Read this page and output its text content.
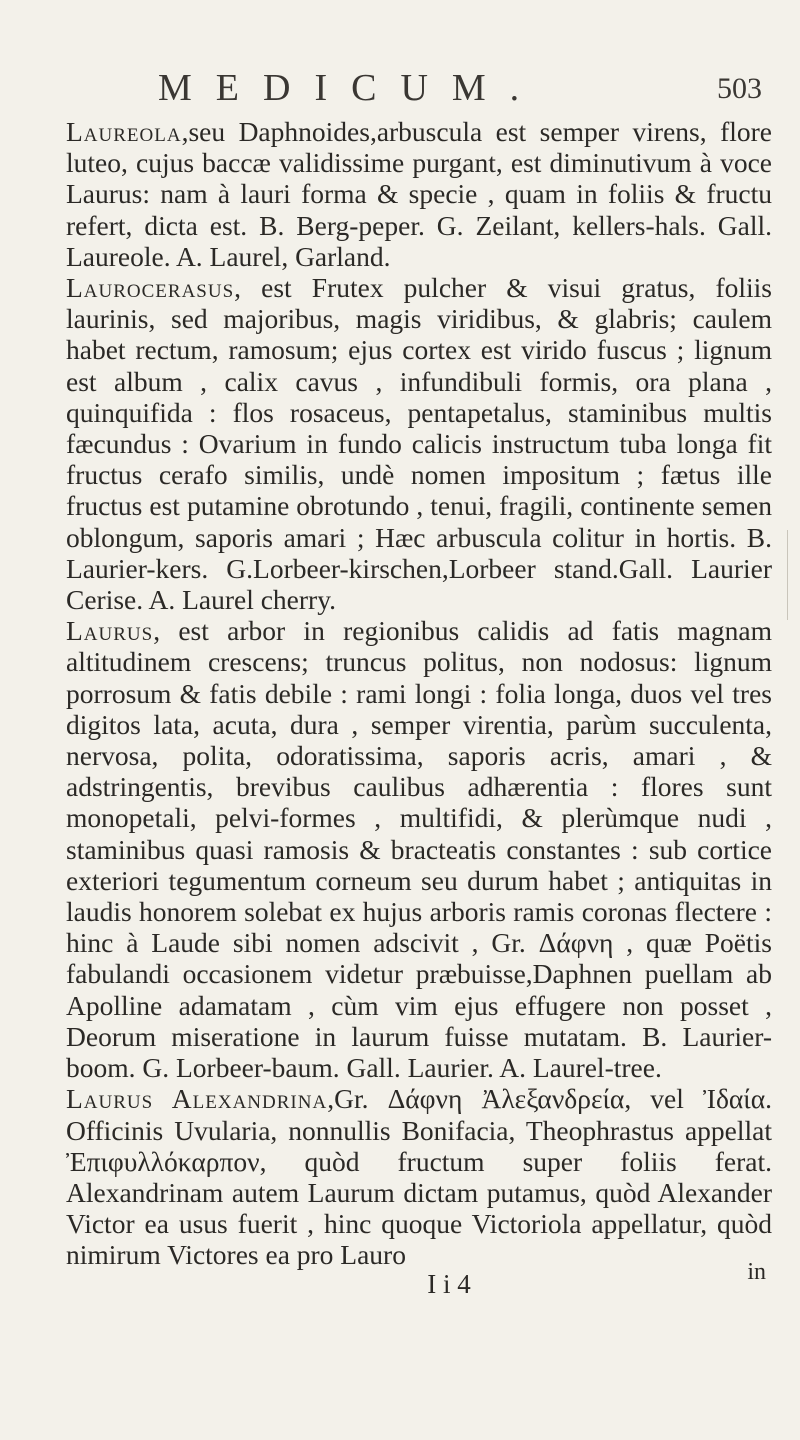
MEDICUM.	503

Laureola,seu Daphnoides,arbuscula est semper virens, flore luteo, cujus baccæ validissime purgant, est diminutivum à voce Laurus: nam à lauri forma & specie , quam in foliis & fructu refert, dicta est. B. Berg-peper. G. Zeilant, kellers-hals. Gall. Laureole. A. Laurel, Garland.

Laurocerasus, est Frutex pulcher & visui gratus, foliis laurinis, sed majoribus, magis viridibus, & glabris; caulem habet rectum, ramosum; ejus cortex est virido fuscus ; lignum est album , calix cavus , infundibuli formis, ora plana , quinquifida : flos rosaceus, pentapetalus, staminibus multis fæcundus : Ovarium in fundo calicis instructum tuba longa fit fructus cerafo similis, undè nomen impositum ; fætus ille fructus est putamine obrotundo , tenui, fragili, continente semen oblongum, saporis amari ; Hæc arbuscula colitur in hortis. B. Laurier-kers. G.Lorbeer-kirschen,Lorbeer stand.Gall. Laurier Cerise. A. Laurel cherry.

Laurus, est arbor in regionibus calidis ad fatis magnam altitudinem crescens; truncus politus, non nodosus: lignum porrosum & fatis debile : rami longi : folia longa, duos vel tres digitos lata, acuta, dura , semper virentia, parùm succulenta, nervosa, polita, odoratissima, saporis acris, amari , & adstringentis, brevibus caulibus adhærentia : flores sunt monopetali, pelvi-formes , multifidi, & plerùmque nudi , staminibus quasi ramosis & bracteatis constantes : sub cortice exteriori tegumentum corneum seu durum habet ; antiquitas in laudis honorem solebat ex hujus arboris ramis coronas flectere : hinc à Laude sibi nomen adscivit , Gr. Δάφνη , quæ Poëtis fabulandi occasionem videtur præbuisse,Daphnen puellam ab Apolline adamatam , cùm vim ejus effugere non posset , Deorum miseratione in laurum fuisse mutatam. B. Laurier-boom. G. Lorbeer-baum. Gall. Laurier. A. Laurel-tree.

Laurus Alexandrina,Gr. Δάφνη Ἀλεξανδρεία, vel Ἰδαία. Officinis Uvularia, nonnullis Bonifacia, Theophrastus appellat Ἐπιφυλλόκαρπον, quòd fructum super foliis ferat. Alexandrinam autem Laurum dictam putamus, quòd Alexander Victor ea usus fuerit , hinc quoque Victoriola appellatur, quòd nimirum Victores ea pro Lauro

I i 4	in
